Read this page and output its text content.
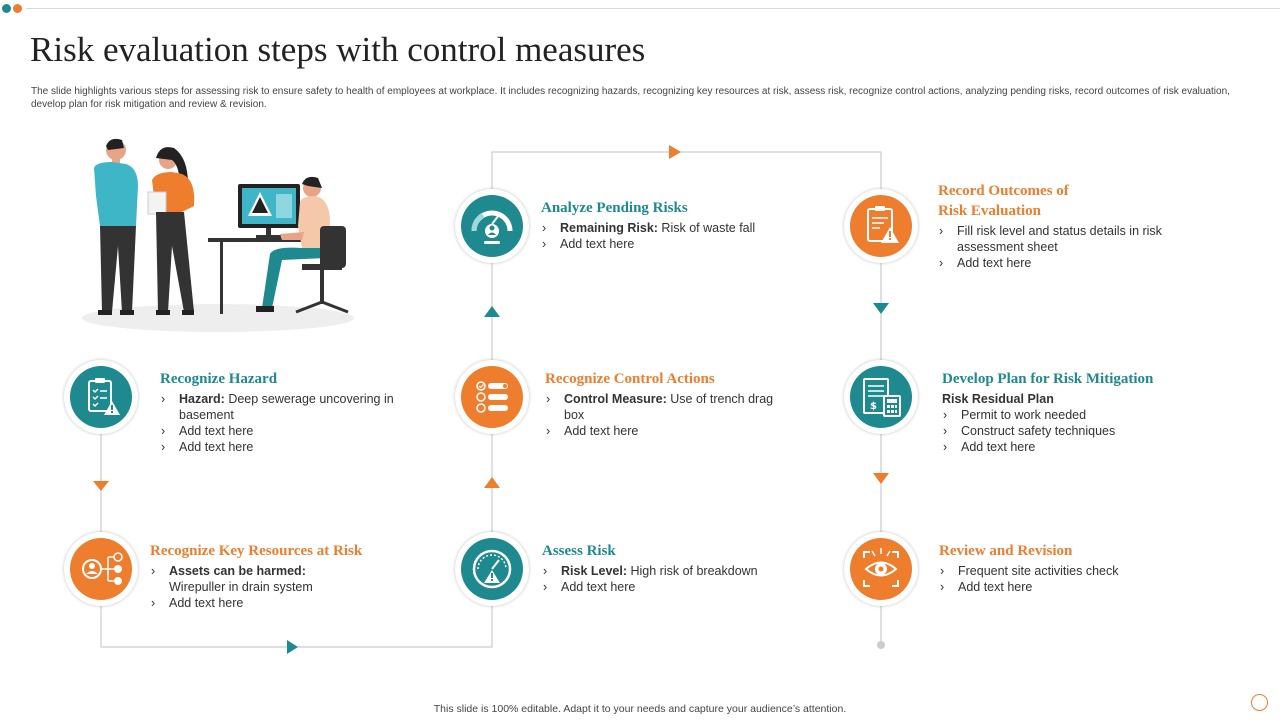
Risk evaluation steps with control measures
The slide highlights various steps for assessing risk to ensure safety to health of employees at workplace. It includes recognizing hazards, recognizing key resources at risk, assess risk, recognize control actions, analyzing pending risks, record outcomes of risk evaluation, develop plan for risk mitigation and review & revision.
Recognize Hazard
› Hazard: Deep sewerage uncovering in basement
› Add text here
› Add text here
Recognize Key Resources at Risk
› Assets can be harmed:
Wirepuller in drain system
› Add text here
Assess Risk
› Risk Level: High risk of breakdown
› Add text here
Recognize Control Actions
› Control Measure: Use of trench drag box
› Add text here
Analyze Pending Risks
› Remaining Risk: Risk of waste fall
› Add text here
Record Outcomes of Risk Evaluation
› Fill risk level and status details in risk assessment sheet
› Add text here
$
Develop Plan for Risk Mitigation
Risk Residual Plan
› Permit to work needed
› Construct safety techniques
› Add text here
Review and Revision
› Frequent site activities check
› Add text here
This slide is 100% editable. Adapt it to your needs and capture your audience’s attention.
